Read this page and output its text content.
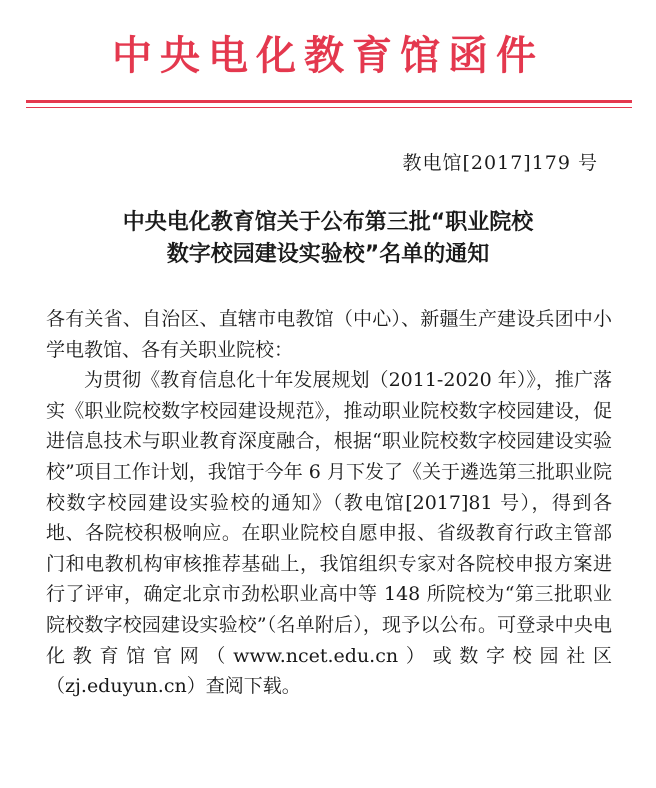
中央电化教育馆函件
教电馆[2017]179 号
中央电化教育馆关于公布第三批“职业院校
数字校园建设实验校”名单的通知

各有关省、自治区、直辖市电教馆（中心）、新疆生产建设兵团中小学电教馆、各有关职业院校：

为贯彻《教育信息化十年发展规划（2011-2020 年）》，推广落实《职业院校数字校园建设规范》，推动职业院校数字校园建设，促进信息技术与职业教育深度融合，根据“职业院校数字校园建设实验校”项目工作计划，我馆于今年 6 月下发了《关于遴选第三批职业院校数字校园建设实验校的通知》（教电馆[2017]81 号），得到各地、各院校积极响应。在职业院校自愿申报、省级教育行政主管部门和电教机构审核推荐基础上，我馆组织专家对各院校申报方案进行了评审，确定北京市劲松职业高中等 148 所院校为“第三批职业院校数字校园建设实验校”（名单附后），现予以公布。可登录中央电化教育馆官网（www.ncet.edu.cn）或数字校园社区（zj.eduyun.cn）查阅下载。
